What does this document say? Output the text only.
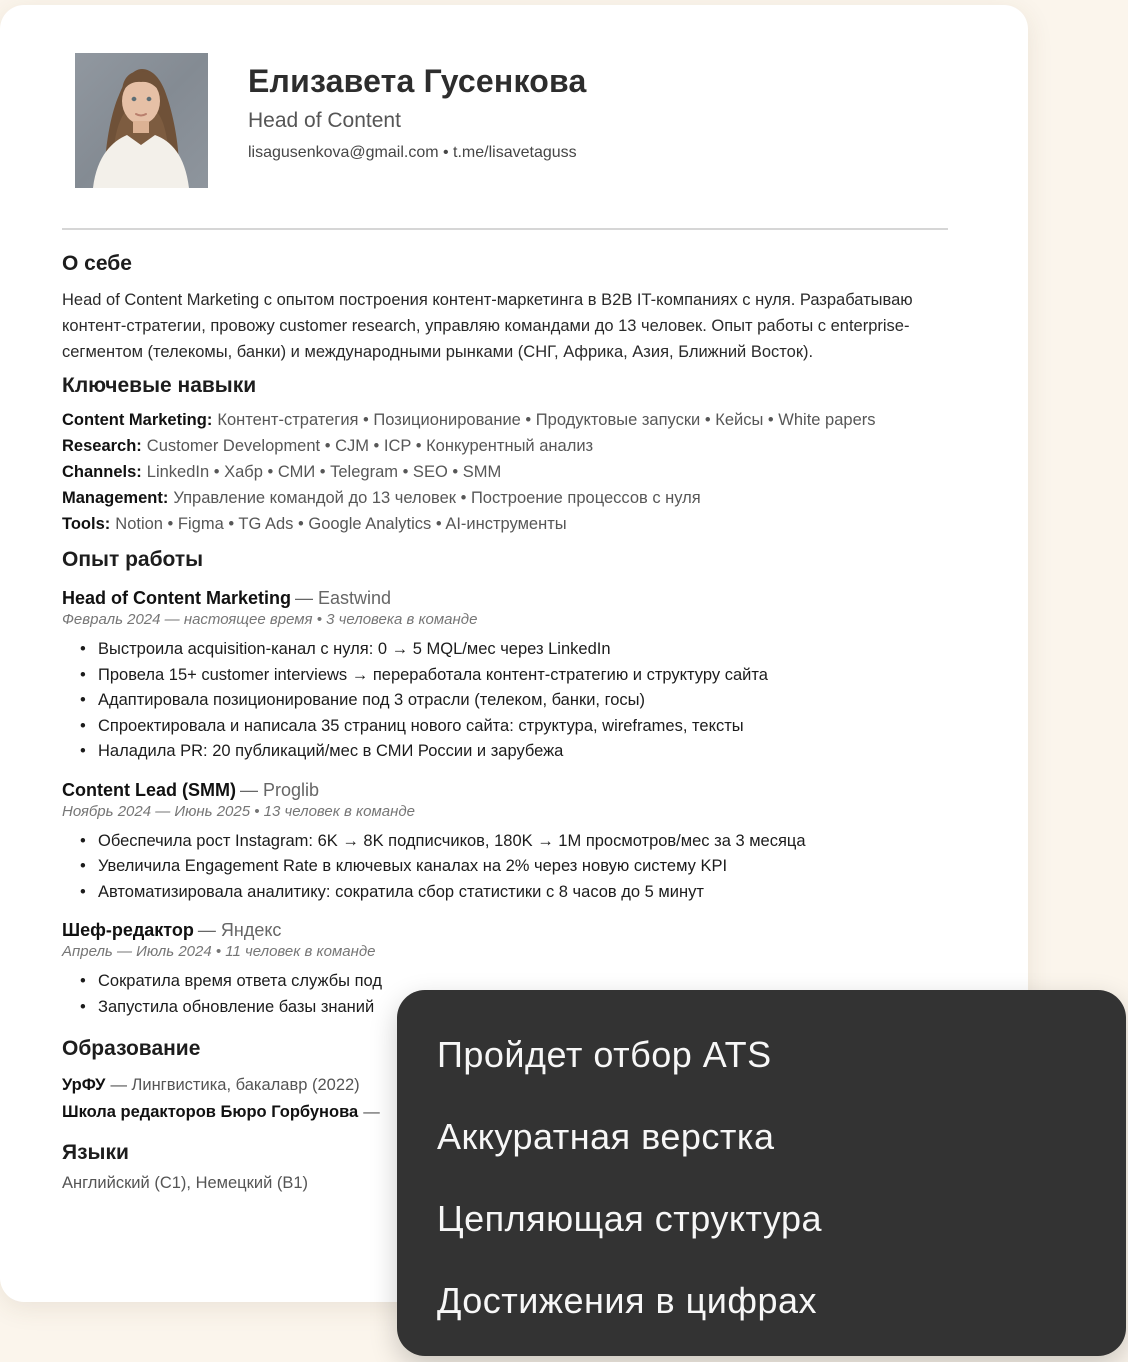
Елизавета Гусенкова
Head of Content
lisagusenkova@gmail.com • t.me/lisavetaguss
О себе
Head of Content Marketing с опытом построения контент-маркетинга в B2B IT-компаниях с нуля. Разрабатываю контент-стратегии, провожу customer research, управляю командами до 13 человек. Опыт работы с enterprise-сегментом (телекомы, банки) и международными рынками (СНГ, Африка, Азия, Ближний Восток).
Ключевые навыки
Content Marketing: Контент-стратегия • Позиционирование • Продуктовые запуски • Кейсы • White papers
Research: Customer Development • CJM • ICP • Конкурентный анализ
Channels: LinkedIn • Хабр • СМИ • Telegram • SEO • SMM
Management: Управление командой до 13 человек • Построение процессов с нуля
Tools: Notion • Figma • TG Ads • Google Analytics • AI-инструменты
Опыт работы
Head of Content Marketing — Eastwind
Февраль 2024 — настоящее время • 3 человека в команде
• Выстроила acquisition-канал с нуля: 0 → 5 MQL/мес через LinkedIn
• Провела 15+ customer interviews → переработала контент-стратегию и структуру сайта
• Адаптировала позиционирование под 3 отрасли (телеком, банки, госы)
• Спроектировала и написала 35 страниц нового сайта: структура, wireframes, тексты
• Наладила PR: 20 публикаций/мес в СМИ России и зарубежа
Content Lead (SMM) — Proglib
Ноябрь 2024 — Июнь 2025 • 13 человек в команде
• Обеспечила рост Instagram: 6K → 8K подписчиков, 180K → 1M просмотров/мес за 3 месяца
• Увеличила Engagement Rate в ключевых каналах на 2% через новую систему KPI
• Автоматизировала аналитику: сократила сбор статистики с 8 часов до 5 минут
Шеф-редактор — Яндекс
Апрель — Июль 2024 • 11 человек в команде
• Сократила время ответа службы под
• Запустила обновление базы знаний
Образование
УрФУ — Лингвистика, бакалавр (2022)
Школа редакторов Бюро Горбунова —
Языки
Английский (C1), Немецкий (B1)
Пройдет отбор ATS
Аккуратная верстка
Цепляющая структура
Достижения в цифрах
